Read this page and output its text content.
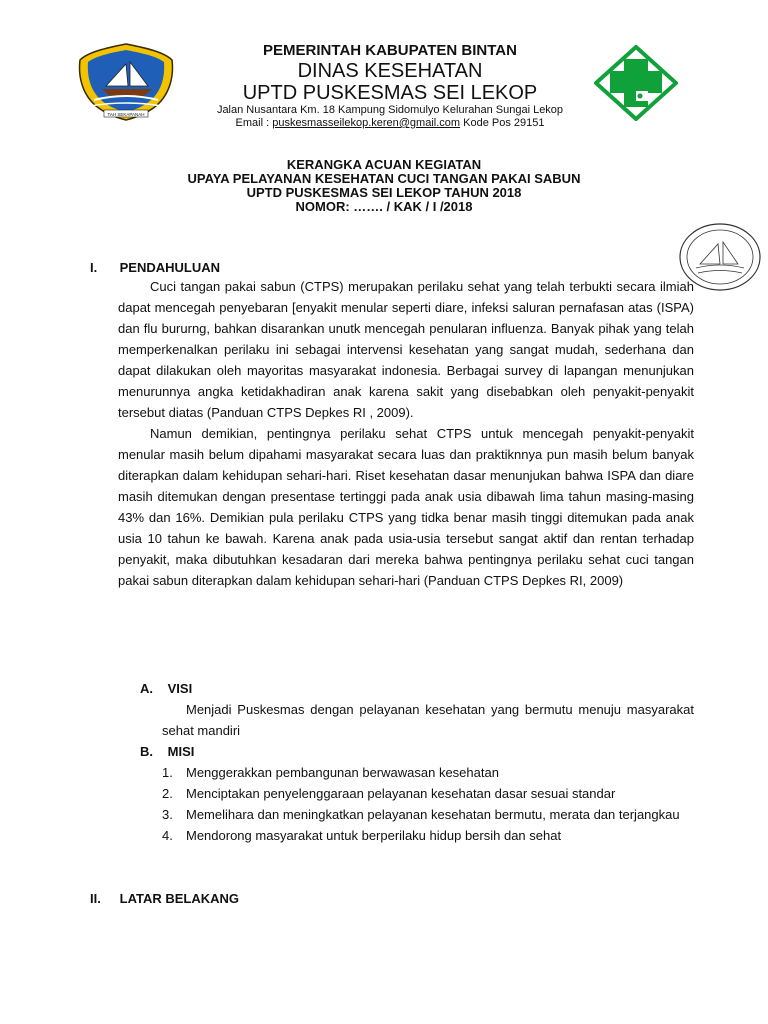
TAH SEKAPANAH
PEMERINTAH KABUPATEN BINTAN
DINAS KESEHATAN
UPTD PUSKESMAS SEI LEKOP
Jalan Nusantara Km. 18 Kampung Sidomulyo Kelurahan Sungai Lekop
Email : puskesmasseilekop.keren@gmail.com Kode Pos 29151
KERANGKA ACUAN KEGIATAN
UPAYA PELAYANAN KESEHATAN CUCI TANGAN PAKAI SABUN
UPTD PUSKESMAS SEI LEKOP TAHUN 2018
NOMOR: ……. / KAK / I /2018
I. PENDAHULUAN

Cuci tangan pakai sabun (CTPS) merupakan perilaku sehat yang telah terbukti secara ilmiah dapat mencegah penyebaran [enyakit menular seperti diare, infeksi saluran pernafasan atas (ISPA) dan flu bururng, bahkan disarankan unutk mencegah penularan influenza. Banyak pihak yang telah memperkenalkan perilaku ini sebagai intervensi kesehatan yang sangat mudah, sederhana dan dapat dilakukan oleh mayoritas masyarakat indonesia. Berbagai survey di lapangan menunjukan menurunnya angka ketidakhadiran anak karena sakit yang disebabkan oleh penyakit-penyakit tersebut diatas (Panduan CTPS Depkes RI , 2009).

Namun demikian, pentingnya perilaku sehat CTPS untuk mencegah penyakit-penyakit menular masih belum dipahami masyarakat secara luas dan praktiknnya pun masih belum banyak diterapkan dalam kehidupan sehari-hari. Riset kesehatan dasar menunjukan bahwa ISPA dan diare masih ditemukan dengan presentase tertinggi pada anak usia dibawah lima tahun masing-masing 43% dan 16%. Demikian pula perilaku CTPS yang tidka benar masih tinggi ditemukan pada anak usia 10 tahun ke bawah. Karena anak pada usia-usia tersebut sangat aktif dan rentan terhadap penyakit, maka dibutuhkan kesadaran dari mereka bahwa pentingnya perilaku sehat cuci tangan pakai sabun diterapkan dalam kehidupan sehari-hari (Panduan CTPS Depkes RI, 2009)

A. VISI
Menjadi Puskesmas dengan pelayanan kesehatan yang bermutu menuju masyarakat sehat mandiri
B. MISI
1. Menggerakkan pembangunan berwawasan kesehatan
2. Menciptakan penyelenggaraan pelayanan kesehatan dasar sesuai standar
3. Memelihara dan meningkatkan pelayanan kesehatan bermutu, merata dan terjangkau
4. Mendorong masyarakat untuk berperilaku hidup bersih dan sehat
II. LATAR BELAKANG
